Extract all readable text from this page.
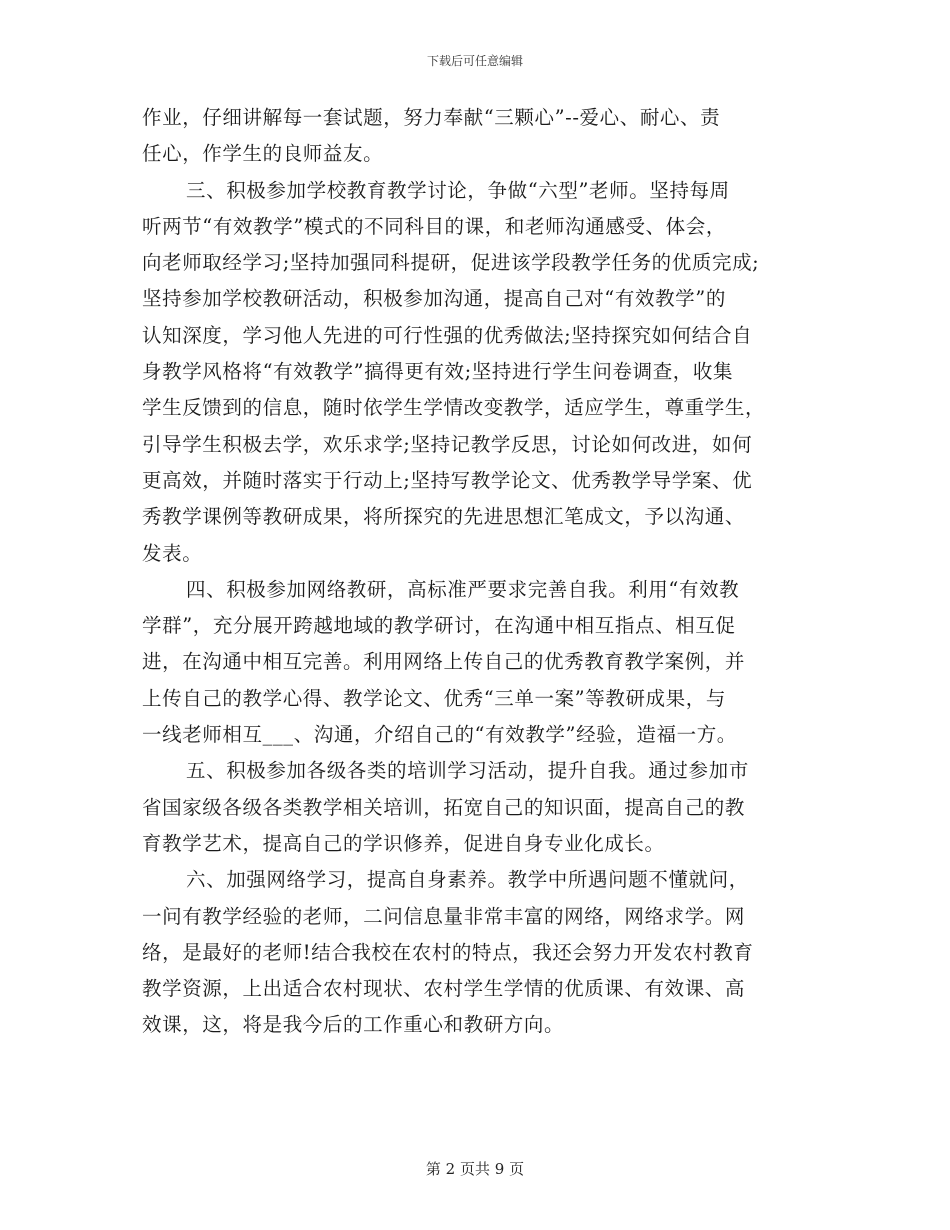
下载后可任意编辑
作业，仔细讲解每一套试题，努力奉献“三颗心”--爱心、耐心、责
任心，作学生的良师益友。
三、积极参加学校教育教学讨论，争做“六型”老师。坚持每周
听两节“有效教学”模式的不同科目的课，和老师沟通感受、体会，
向老师取经学习;坚持加强同科提研，促进该学段教学任务的优质完成;
坚持参加学校教研活动，积极参加沟通，提高自己对“有效教学”的
认知深度，学习他人先进的可行性强的优秀做法;坚持探究如何结合自
身教学风格将“有效教学”搞得更有效;坚持进行学生问卷调查，收集
学生反馈到的信息，随时依学生学情改变教学，适应学生，尊重学生，
引导学生积极去学，欢乐求学;坚持记教学反思，讨论如何改进，如何
更高效，并随时落实于行动上;坚持写教学论文、优秀教学导学案、优
秀教学课例等教研成果，将所探究的先进思想汇笔成文，予以沟通、
发表。
四、积极参加网络教研，高标准严要求完善自我。利用“有效教
学群”，充分展开跨越地域的教学研讨，在沟通中相互指点、相互促
进，在沟通中相互完善。利用网络上传自己的优秀教育教学案例，并
上传自己的教学心得、教学论文、优秀“三单一案”等教研成果，与
一线老师相互___、沟通，介绍自己的“有效教学”经验，造福一方。
五、积极参加各级各类的培训学习活动，提升自我。通过参加市
省国家级各级各类教学相关培训，拓宽自己的知识面，提高自己的教
育教学艺术，提高自己的学识修养，促进自身专业化成长。
六、加强网络学习，提高自身素养。教学中所遇问题不懂就问，
一问有教学经验的老师，二问信息量非常丰富的网络，网络求学。网
络，是最好的老师!结合我校在农村的特点，我还会努力开发农村教育
教学资源，上出适合农村现状、农村学生学情的优质课、有效课、高
效课，这，将是我今后的工作重心和教研方向。
第 2 页共 9 页
